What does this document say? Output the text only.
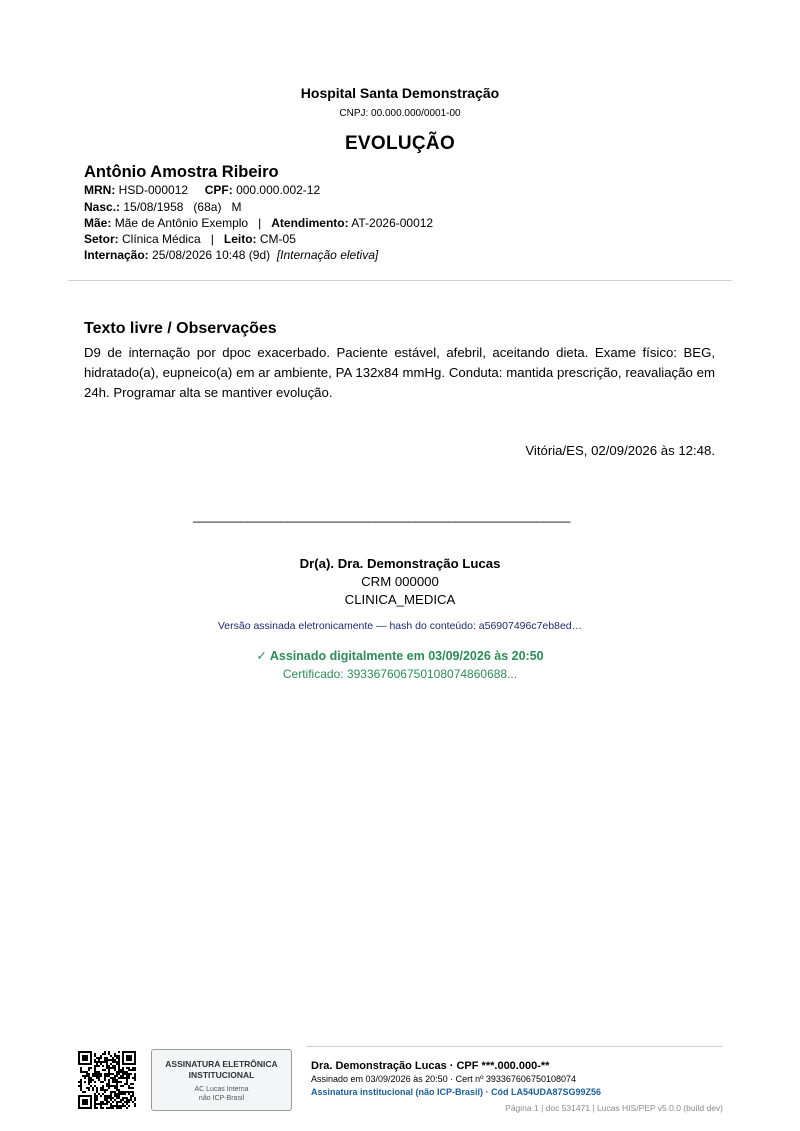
Hospital Santa Demonstração
CNPJ: 00.000.000/0001-00
EVOLUÇÃO
Antônio Amostra Ribeiro
MRN: HSD-000012 CPF: 000.000.002-12
Nasc.: 15/08/1958   (68a)   M
Mãe: Mãe de Antônio Exemplo | Atendimento: AT-2026-00012
Setor: Clínica Médica | Leito: CM-05
Internação: 25/08/2026 10:48 (9d) [Internação eletiva]
Texto livre / Observações
D9 de internação por dpoc exacerbado. Paciente estável, afebril, aceitando dieta. Exame físico: BEG, hidratado(a), eupneico(a) em ar ambiente, PA 132x84 mmHg. Conduta: mantida prescrição, reavaliação em 24h. Programar alta se mantiver evolução.
Vitória/ES, 02/09/2026 às 12:48.
________________________________________________________
Dr(a). Dra. Demonstração Lucas
CRM 000000
CLINICA_MEDICA
Versão assinada eletronicamente — hash do conteúdo: a56907496c7eb8ed…
✓ Assinado digitalmente em 03/09/2026 às 20:50
Certificado: 393367606750108074860688...
ASSINATURA ELETRÔNICA INSTITUCIONAL
AC Lucas Interna
não ICP-Brasil
Dra. Demonstração Lucas · CPF ***.000.000-**
Assinado em 03/09/2026 às 20:50 · Cert nº 393367606750108074
Assinatura institucional (não ICP-Brasil) · Cód LA54UDA87SG99Z56
Página 1 | doc 531471 | Lucas HIS/PEP v5.0.0 (build dev)
